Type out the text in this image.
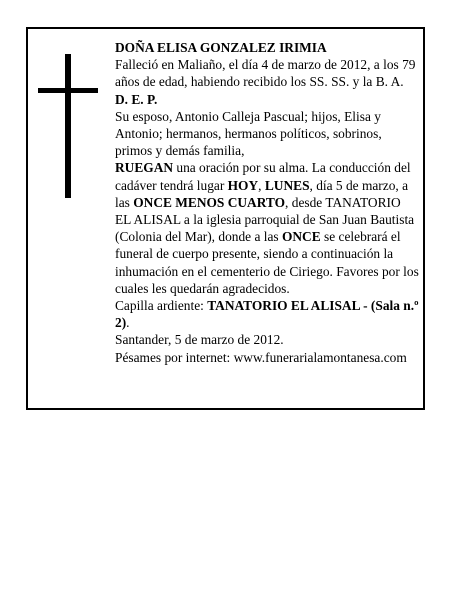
DOÑA ELISA GONZALEZ IRIMIA

Falleció en Maliaño, el día 4 de marzo de 2012, a los 79 años de edad, habiendo recibido los SS. SS. y la B. A.

D. E. P.

Su esposo, Antonio Calleja Pascual; hijos, Elisa y Antonio; hermanos, hermanos políticos, sobrinos, primos y demás familia,

RUEGAN una oración por su alma. La conducción del cadáver tendrá lugar HOY, LUNES, día 5 de marzo, a las ONCE MENOS CUARTO, desde TANATORIO EL ALISAL a la iglesia parroquial de San Juan Bautista (Colonia del Mar), donde a las ONCE se celebrará el funeral de cuerpo presente, siendo a continuación la inhumación en el cementerio de Ciriego. Favores por los cuales les quedarán agradecidos.

Capilla ardiente: TANATORIO EL ALISAL - (Sala n.º 2).

Santander, 5 de marzo de 2012.

Pésames por internet: www.funerarialamontanesa.com
